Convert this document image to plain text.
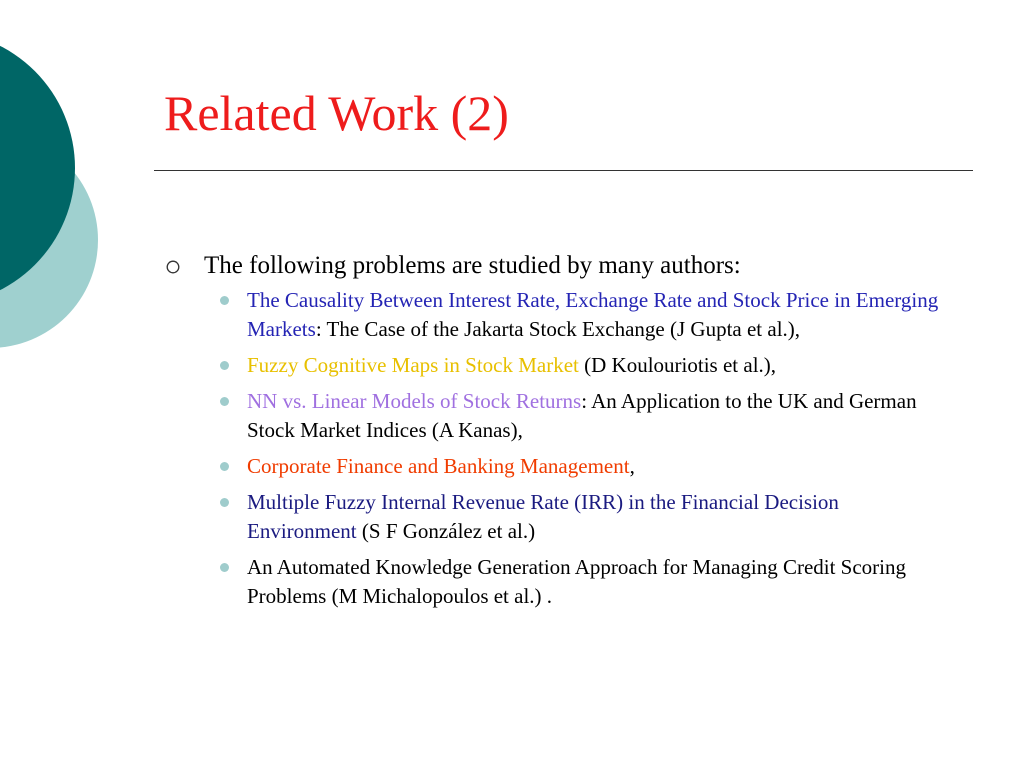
Related Work (2)
The following problems are studied by many authors:
The Causality Between Interest Rate, Exchange Rate and Stock Price in Emerging Markets: The Case of the Jakarta Stock Exchange (J Gupta et al.),
Fuzzy Cognitive Maps in Stock Market (D Koulouriotis et al.),
NN vs. Linear Models of Stock Returns: An Application to the UK and German Stock Market Indices (A Kanas),
Corporate Finance and Banking Management,
Multiple Fuzzy Internal Revenue Rate (IRR) in the Financial Decision Environment (S F González et al.)
An Automated Knowledge Generation Approach for Managing Credit Scoring Problems (M Michalopoulos et al.) .
